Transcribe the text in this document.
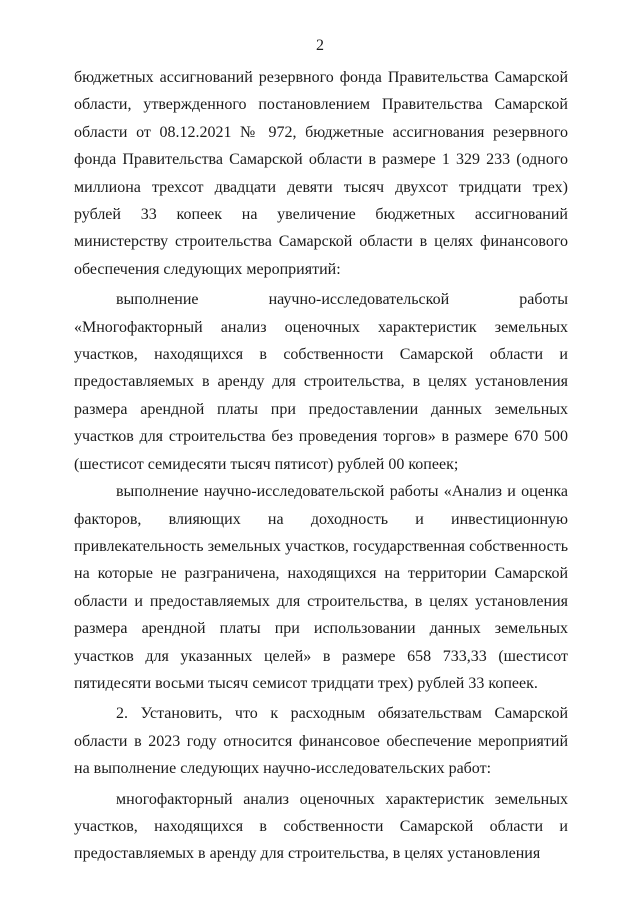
2

бюджетных ассигнований резервного фонда Правительства Самарской области, утвержденного постановлением Правительства Самарской области от 08.12.2021 № 972, бюджетные ассигнования резервного фонда Правительства Самарской области в размере 1 329 233 (одного миллиона трехсот двадцати девяти тысяч двухсот тридцати трех) рублей 33 копеек на увеличение бюджетных ассигнований министерству строительства Самарской области в целях финансового обеспечения следующих мероприятий:

выполнение научно-исследовательской работы «Многофакторный анализ оценочных характеристик земельных участков, находящихся в собственности Самарской области и предоставляемых в аренду для строительства, в целях установления размера арендной платы при предоставлении данных земельных участков для строительства без проведения торгов» в размере 670 500 (шестисот семидесяти тысяч пятисот) рублей 00 копеек;

выполнение научно-исследовательской работы «Анализ и оценка факторов, влияющих на доходность и инвестиционную привлекательность земельных участков, государственная собственность на которые не разграничена, находящихся на территории Самарской области и предоставляемых для строительства, в целях установления размера арендной платы при использовании данных земельных участков для указанных целей» в размере 658 733,33 (шестисот пятидесяти восьми тысяч семисот тридцати трех) рублей 33 копеек.

2. Установить, что к расходным обязательствам Самарской области в 2023 году относится финансовое обеспечение мероприятий на выполнение следующих научно-исследовательских работ:

многофакторный анализ оценочных характеристик земельных участков, находящихся в собственности Самарской области и предоставляемых в аренду для строительства, в целях установления
